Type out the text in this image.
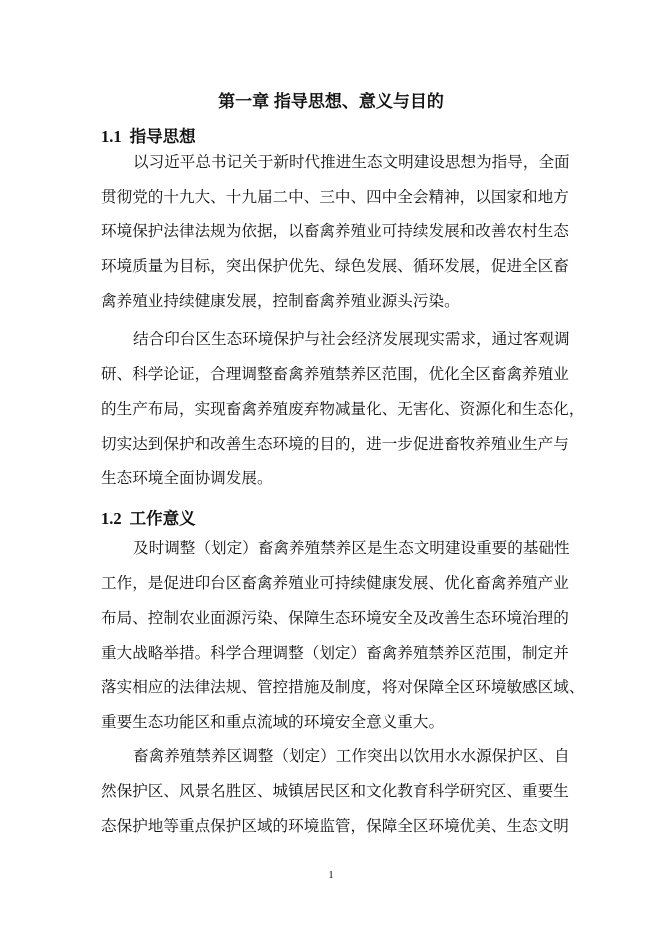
第一章 指导思想、意义与目的
1.1 指导思想
以习近平总书记关于新时代推进生态文明建设思想为指导，全面
贯彻党的十九大、十九届二中、三中、四中全会精神，以国家和地方
环境保护法律法规为依据，以畜禽养殖业可持续发展和改善农村生态
环境质量为目标，突出保护优先、绿色发展、循环发展，促进全区畜
禽养殖业持续健康发展，控制畜禽养殖业源头污染。
结合印台区生态环境保护与社会经济发展现实需求，通过客观调
研、科学论证，合理调整畜禽养殖禁养区范围，优化全区畜禽养殖业
的生产布局，实现畜禽养殖废弃物减量化、无害化、资源化和生态化，
切实达到保护和改善生态环境的目的，进一步促进畜牧养殖业生产与
生态环境全面协调发展。
1.2 工作意义
及时调整（划定）畜禽养殖禁养区是生态文明建设重要的基础性
工作，是促进印台区畜禽养殖业可持续健康发展、优化畜禽养殖产业
布局、控制农业面源污染、保障生态环境安全及改善生态环境治理的
重大战略举措。科学合理调整（划定）畜禽养殖禁养区范围，制定并
落实相应的法律法规、管控措施及制度，将对保障全区环境敏感区域、
重要生态功能区和重点流域的环境安全意义重大。
畜禽养殖禁养区调整（划定）工作突出以饮用水水源保护区、自
然保护区、风景名胜区、城镇居民区和文化教育科学研究区、重要生
态保护地等重点保护区域的环境监管，保障全区环境优美、生态文明
1
